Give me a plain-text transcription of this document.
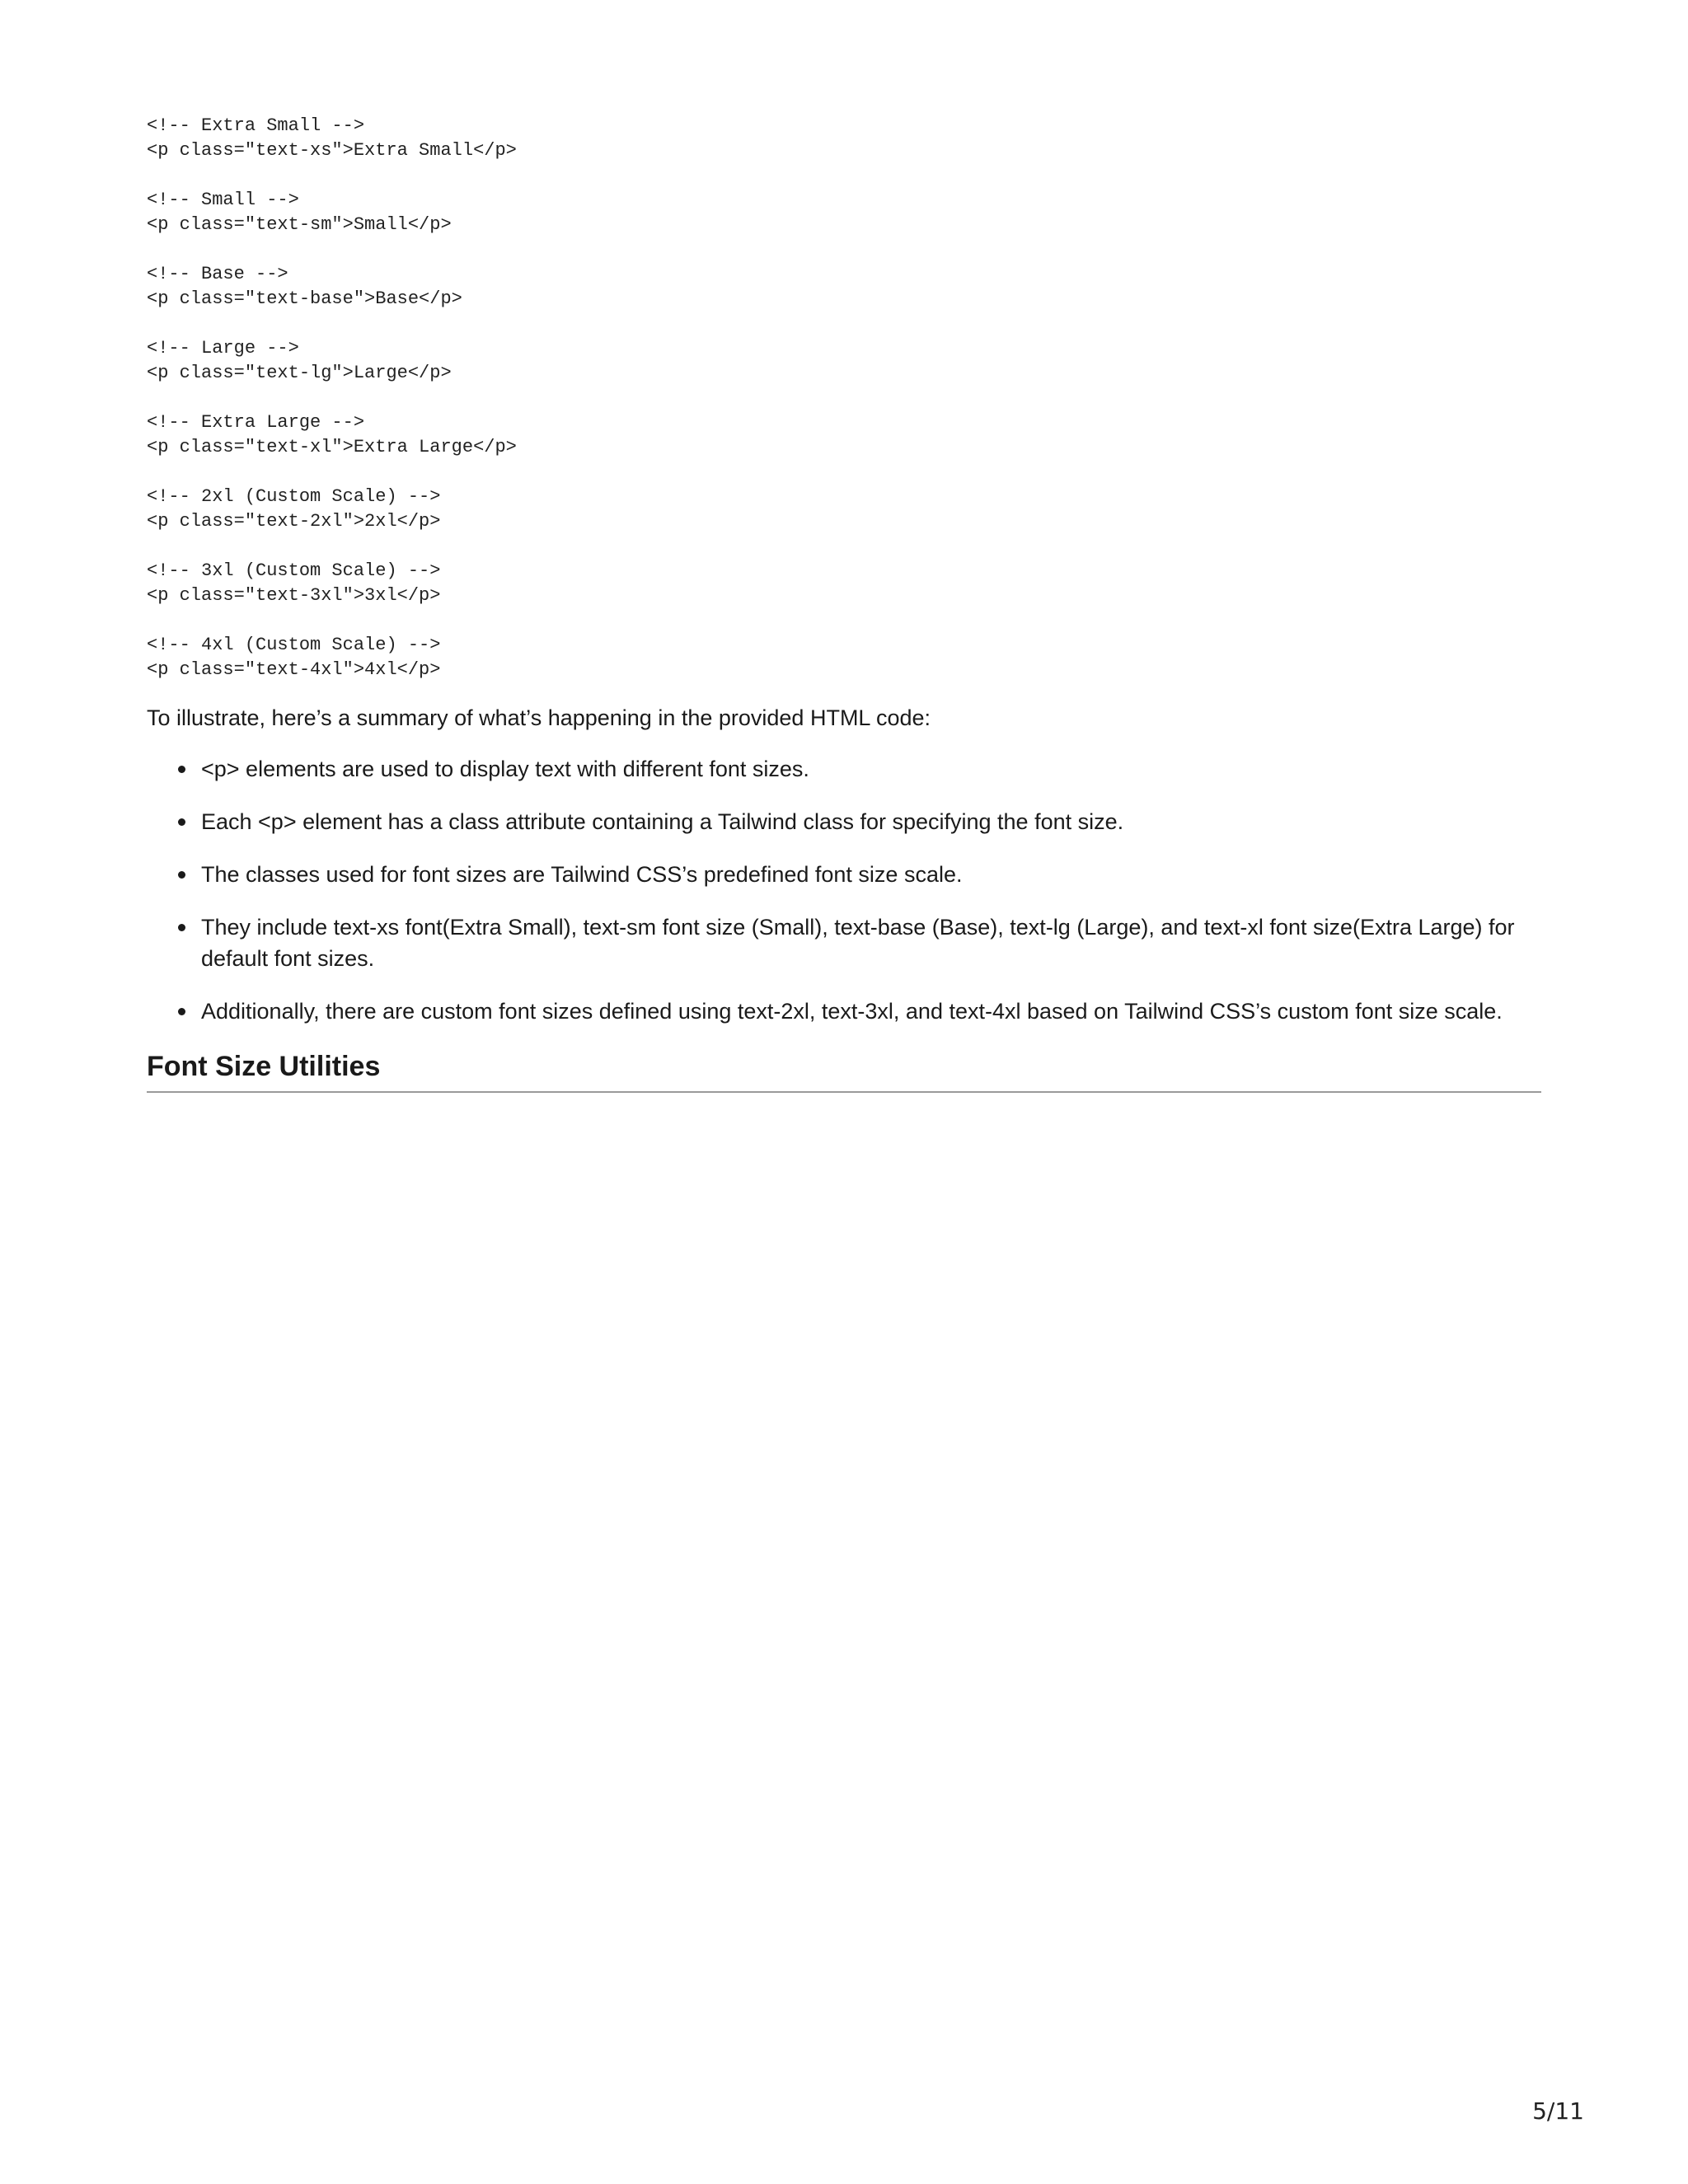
<!-- Extra Small -->
<p class="text-xs">Extra Small</p>
<!-- Small -->
<p class="text-sm">Small</p>
<!-- Base -->
<p class="text-base">Base</p>
<!-- Large -->
<p class="text-lg">Large</p>
<!-- Extra Large -->
<p class="text-xl">Extra Large</p>
<!-- 2xl (Custom Scale) -->
<p class="text-2xl">2xl</p>
<!-- 3xl (Custom Scale) -->
<p class="text-3xl">3xl</p>
<!-- 4xl (Custom Scale) -->
<p class="text-4xl">4xl</p>

To illustrate, here’s a summary of what’s happening in the provided HTML code:

<p> elements are used to display text with different font sizes.
Each <p> element has a class attribute containing a Tailwind class for specifying the font size.
The classes used for font sizes are Tailwind CSS’s predefined font size scale.
They include text-xs font(Extra Small), text-sm font size (Small), text-base (Base), text-lg (Large), and text-xl font size(Extra Large) for default font sizes.
Additionally, there are custom font sizes defined using text-2xl, text-3xl, and text-4xl based on Tailwind CSS’s custom font size scale.
Font Size Utilities
5/11
